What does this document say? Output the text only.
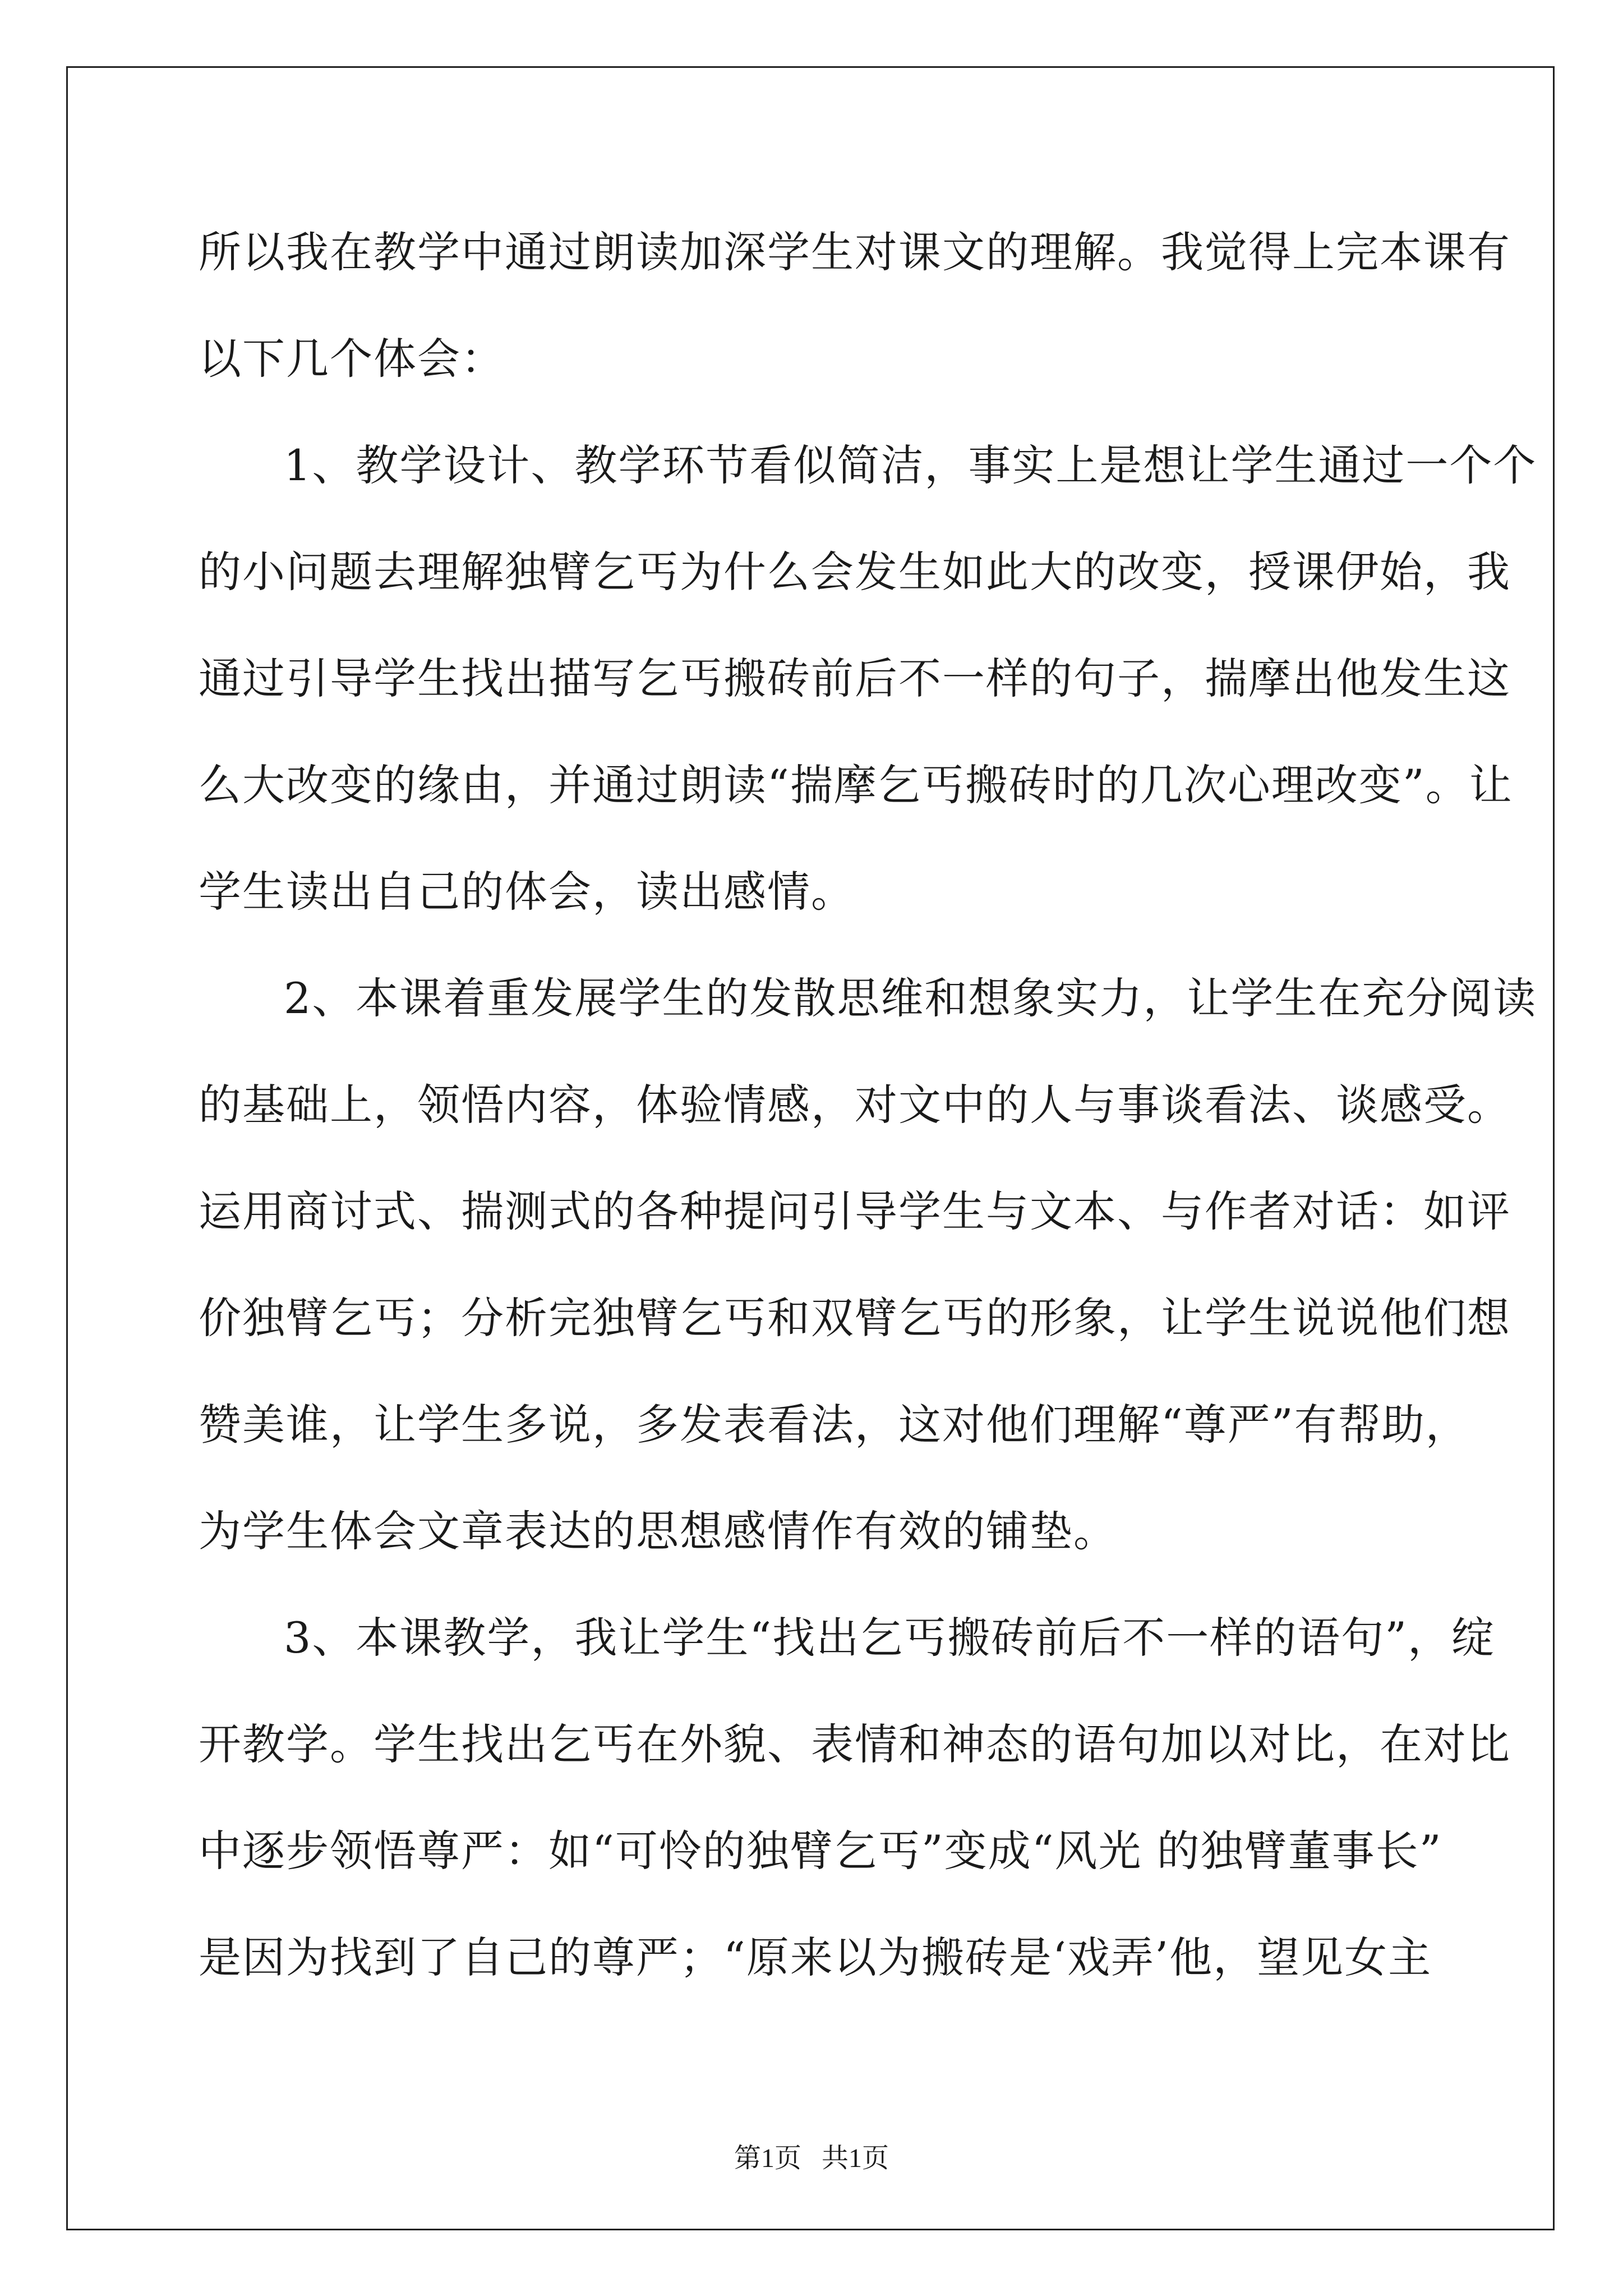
所以我在教学中通过朗读加深学生对课文的理解。我觉得上完本课有
以下几个体会：
1、教学设计、教学环节看似简洁，事实上是想让学生通过一个个
的小问题去理解独臂乞丐为什么会发生如此大的改变，授课伊始，我
通过引导学生找出描写乞丐搬砖前后不一样的句子，揣摩出他发生这
么大改变的缘由，并通过朗读“揣摩乞丐搬砖时的几次心理改变”。让
学生读出自己的体会，读出感情。
2、本课着重发展学生的发散思维和想象实力，让学生在充分阅读
的基础上，领悟内容，体验情感，对文中的人与事谈看法、谈感受。
运用商讨式、揣测式的各种提问引导学生与文本、与作者对话：如评
价独臂乞丐；分析完独臂乞丐和双臂乞丐的形象，让学生说说他们想
赞美谁，让学生多说，多发表看法，这对他们理解“尊严”有帮助，
为学生体会文章表达的思想感情作有效的铺垫。
3、本课教学，我让学生“找出乞丐搬砖前后不一样的语句”，绽
开教学。学生找出乞丐在外貌、表情和神态的语句加以对比，在对比
中逐步领悟尊严：如“可怜的独臂乞丐”变成“风光 的独臂董事长”
是因为找到了自己的尊严；“原来以为搬砖是‘戏弄’他，望见女主
第1页 共1页
